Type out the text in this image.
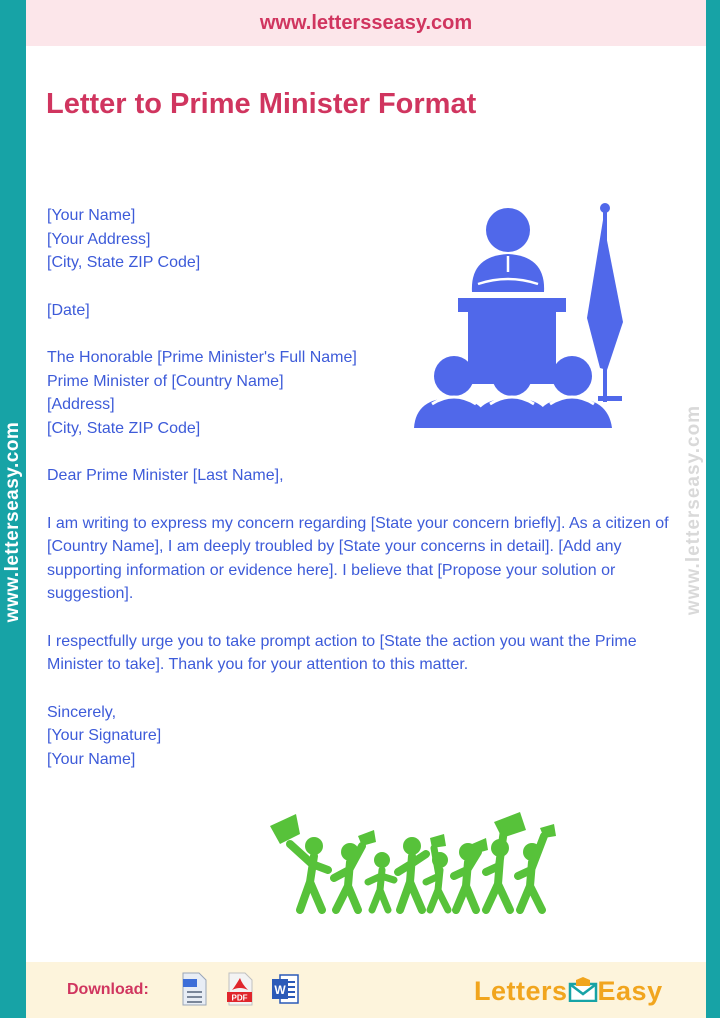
www.letterseasy.com	www.letterseasy.com
www.lettersseasy.com
Letter to Prime Minister Format

[Your Name]
[Your Address]
[City, State ZIP Code]

[Date]

The Honorable [Prime Minister's Full Name]
Prime Minister of [Country Name]
[Address]
[City, State ZIP Code]

Dear Prime Minister [Last Name],

I am writing to express my concern regarding [State your concern briefly]. As a citizen of [Country Name], I am deeply troubled by [State your concerns in detail]. [Add any supporting information or evidence here]. I believe that [Propose your solution or suggestion].

I respectfully urge you to take prompt action to [State the action you want the Prime Minister to take]. Thank you for your attention to this matter.

Sincerely,
[Your Signature]
[Your Name]

Download:	PDF
W	Letters Easy
